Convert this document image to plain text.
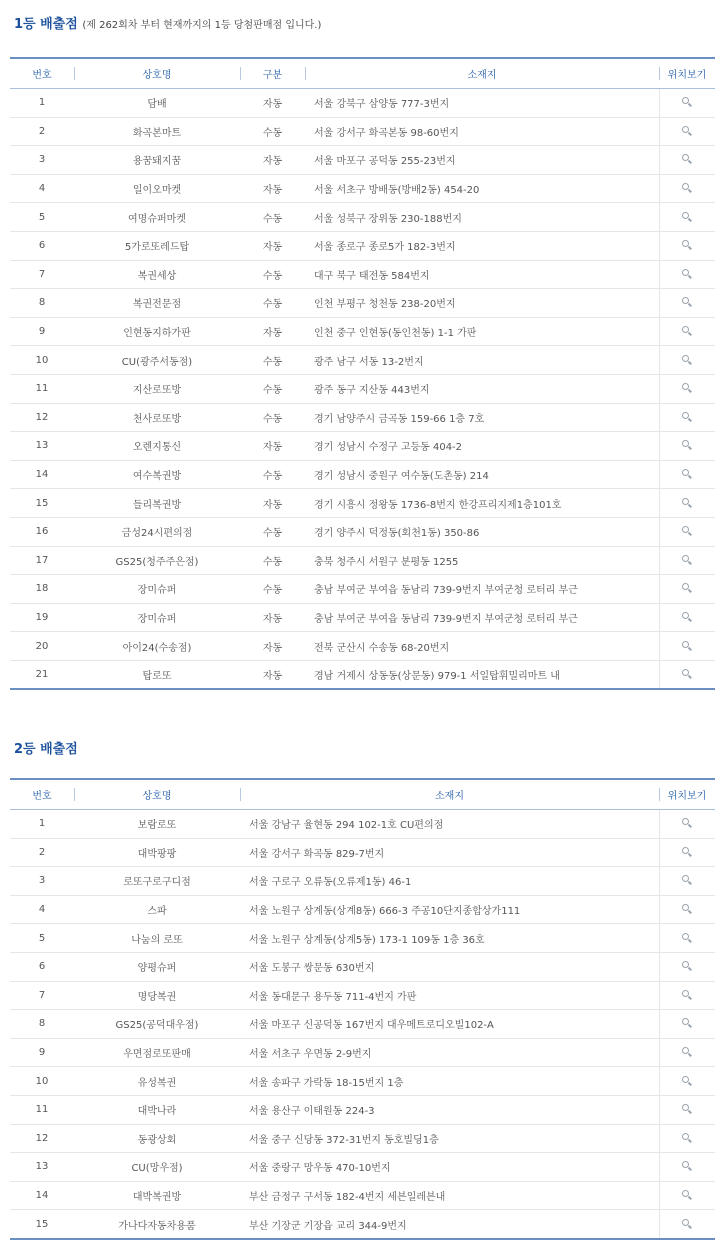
1등 배출점 (제 262회차 부터 현재까지의 1등 당첨판매점 입니다.)
번호	상호명	구분	소재지	위치보기
1	담배	자동	서울 강북구 삼양동 777-3번지	

2	화곡본마트	수동	서울 강서구 화곡본동 98-60번지	

3	용꿈돼지꿈	자동	서울 마포구 공덕동 255-23번지	

4	일이오마켓	자동	서울 서초구 방배동(방배2동) 454-20	

5	여명슈퍼마켓	수동	서울 성북구 장위동 230-188번지	

6	5가로또레드탑	자동	서울 종로구 종로5가 182-3번지	

7	복권세상	수동	대구 북구 태전동 584번지	

8	복권전문점	수동	인천 부평구 청천동 238-20번지	

9	인현동지하가판	자동	인천 중구 인현동(동인천동) 1-1 가판	

10	CU(광주서동점)	수동	광주 남구 서동 13-2번지	

11	지산로또방	수동	광주 동구 지산동 443번지	

12	천사로또방	수동	경기 남양주시 금곡동 159-66 1층 7호	

13	오렌지통신	자동	경기 성남시 수정구 고등동 404-2	

14	여수복권방	수동	경기 성남시 중원구 여수동(도촌동) 214	

15	들리복권방	자동	경기 시흥시 정왕동 1736-8번지 한강프리지제1층101호	

16	금성24시편의점	수동	경기 양주시 덕정동(회천1동) 350-86	

17	GS25(청주주은점)	수동	충북 청주시 서원구 분평동 1255	

18	장미슈퍼	수동	충남 부여군 부여읍 동남리 739-9번지 부여군청 로터리 부근	

19	장미슈퍼	자동	충남 부여군 부여읍 동남리 739-9번지 부여군청 로터리 부근	

20	아이24(수송점)	자동	전북 군산시 수송동 68-20번지	

21	탑로또	자동	경남 거제시 상동동(상문동) 979-1 서일탑휘밀리마트 내	
2등 배출점
번호	상호명	소재지	위치보기
1	보람로또	서울 강남구 율현동 294 102-1호 CU편의점	

2	대박팡팡	서울 강서구 화곡동 829-7번지	

3	로또구로구디점	서울 구로구 오류동(오류제1동) 46-1	

4	스파	서울 노원구 상계동(상계8동) 666-3 주공10단지종합상가111	

5	나눔의 로또	서울 노원구 상계동(상계5동) 173-1 109동 1층 36호	

6	양평슈퍼	서울 도봉구 쌍문동 630번지	

7	명당복권	서울 동대문구 용두동 711-4번지 가판	

8	GS25(공덕대우점)	서울 마포구 신공덕동 167번지 대우메트로디오빌102-A	

9	우면점로또판매	서울 서초구 우면동 2-9번지	

10	유성복권	서울 송파구 가락동 18-15번지 1층	

11	대박나라	서울 용산구 이태원동 224-3	

12	동광상회	서울 중구 신당동 372-31번지 동호빌딩1층	

13	CU(망우점)	서울 중랑구 망우동 470-10번지	

14	대박복권방	부산 금정구 구서동 182-4번지 세븐일레븐내	

15	가나다자동차용품	부산 기장군 기장읍 교리 344-9번지	
